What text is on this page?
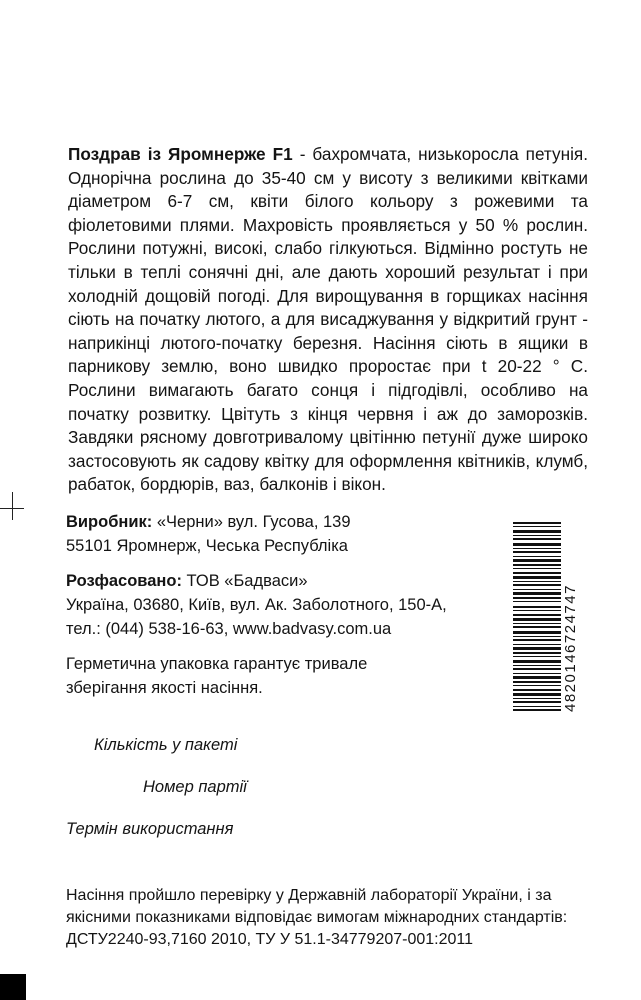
Поздрав із Яромнерже F1 - бахромчата, низькоросла петунія. Однорічна рослина до 35-40 см у висоту з великими квітками діаметром 6-7 см, квіти білого кольору з рожевими та фіолетовими плями. Махровість проявляється у 50 % рослин. Рослини потужні, високі, слабо гілкуються. Відмінно ростуть не тільки в теплі сонячні дні, але дають хороший результат і при холодній дощовій погоді. Для вирощування в горщиках насіння сіють на початку лютого, а для висаджування у відкритий грунт - наприкінці лютого-початку березня. Насіння сіють в ящики в парникову землю, воно швидко проростає при t 20-22 ° С. Рослини вимагають багато сонця і підгодівлі, особливо на початку розвитку. Цвітуть з кінця червня і аж до заморозків. Завдяки рясному довготривалому цвітінню петунії дуже широко застосовують як садову квітку для оформлення квітників, клумб, рабаток, бордюрів, ваз, балконів і вікон.
Виробник: «Черни» вул. Гусова, 139
55101 Яромнерж, Чеська Республіка
Розфасовано: ТОВ «Бадваси»
Україна, 03680, Київ, вул. Ак. Заболотного, 150-А,
тел.: (044) 538-16-63, www.badvasy.com.ua
Герметична упаковка гарантує тривале
зберігання якості насіння.
Кількість у пакеті
Номер партії
Термін використання
Насіння пройшло перевірку у Державній лабораторії України, і за
якісними показниками відповідає вимогам міжнародних стандартів:
ДСТУ2240-93,7160 2010, ТУ У 51.1-34779207-001:2011
4820146724747
